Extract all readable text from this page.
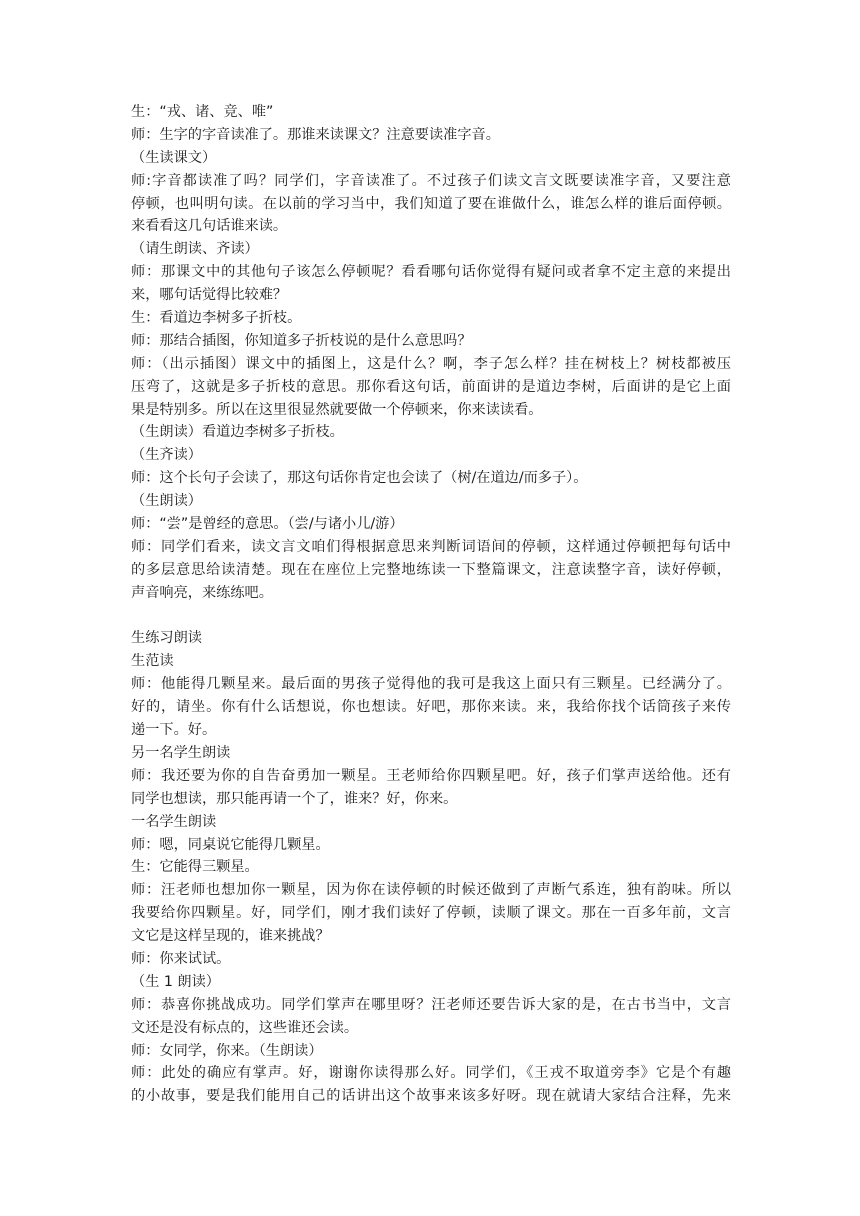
生：“戎、诸、竞、唯”
师：生字的字音读准了。那谁来读课文？注意要读准字音。
（生读课文）
师:字音都读准了吗？同学们，字音读准了。不过孩子们读文言文既要读准字音，又要注意
停顿，也叫明句读。在以前的学习当中，我们知道了要在谁做什么，谁怎么样的谁后面停顿。
来看看这几句话谁来读。
（请生朗读、齐读）
师：那课文中的其他句子该怎么停顿呢？看看哪句话你觉得有疑问或者拿不定主意的来提出
来，哪句话觉得比较难？
生：看道边李树多子折枝。
师：那结合插图，你知道多子折枝说的是什么意思吗？
师：（出示插图）课文中的插图上，这是什么？啊，李子怎么样？挂在树枝上？树枝都被压
压弯了，这就是多子折枝的意思。那你看这句话，前面讲的是道边李树，后面讲的是它上面
果是特别多。所以在这里很显然就要做一个停顿来，你来读读看。
（生朗读）看道边李树多子折枝。
（生齐读）
师：这个长句子会读了，那这句话你肯定也会读了（树/在道边/而多子）。
（生朗读）
师：“尝”是曾经的意思。（尝/与诸小儿/游）
师：同学们看来，读文言文咱们得根据意思来判断词语间的停顿，这样通过停顿把每句话中
的多层意思给读清楚。现在在座位上完整地练读一下整篇课文，注意读整字音，读好停顿，
声音响亮，来练练吧。
生练习朗读
生范读
师：他能得几颗星来。最后面的男孩子觉得他的我可是我这上面只有三颗星。已经满分了。
好的，请坐。你有什么话想说，你也想读。好吧，那你来读。来，我给你找个话筒孩子来传
递一下。好。
另一名学生朗读
师：我还要为你的自告奋勇加一颗星。王老师给你四颗星吧。好，孩子们掌声送给他。还有
同学也想读，那只能再请一个了，谁来？好，你来。
一名学生朗读
师：嗯，同桌说它能得几颗星。
生：它能得三颗星。
师：汪老师也想加你一颗星，因为你在读停顿的时候还做到了声断气系连，独有韵味。所以
我要给你四颗星。好，同学们，刚才我们读好了停顿，读顺了课文。那在一百多年前，文言
文它是这样呈现的，谁来挑战？
师：你来试试。
（生 1 朗读）
师：恭喜你挑战成功。同学们掌声在哪里呀？汪老师还要告诉大家的是，在古书当中，文言
文还是没有标点的，这些谁还会读。
师：女同学，你来。（生朗读）
师：此处的确应有掌声。好，谢谢你读得那么好。同学们，《王戎不取道旁李》它是个有趣
的小故事，要是我们能用自己的话讲出这个故事来该多好呀。现在就请大家结合注释，先来
